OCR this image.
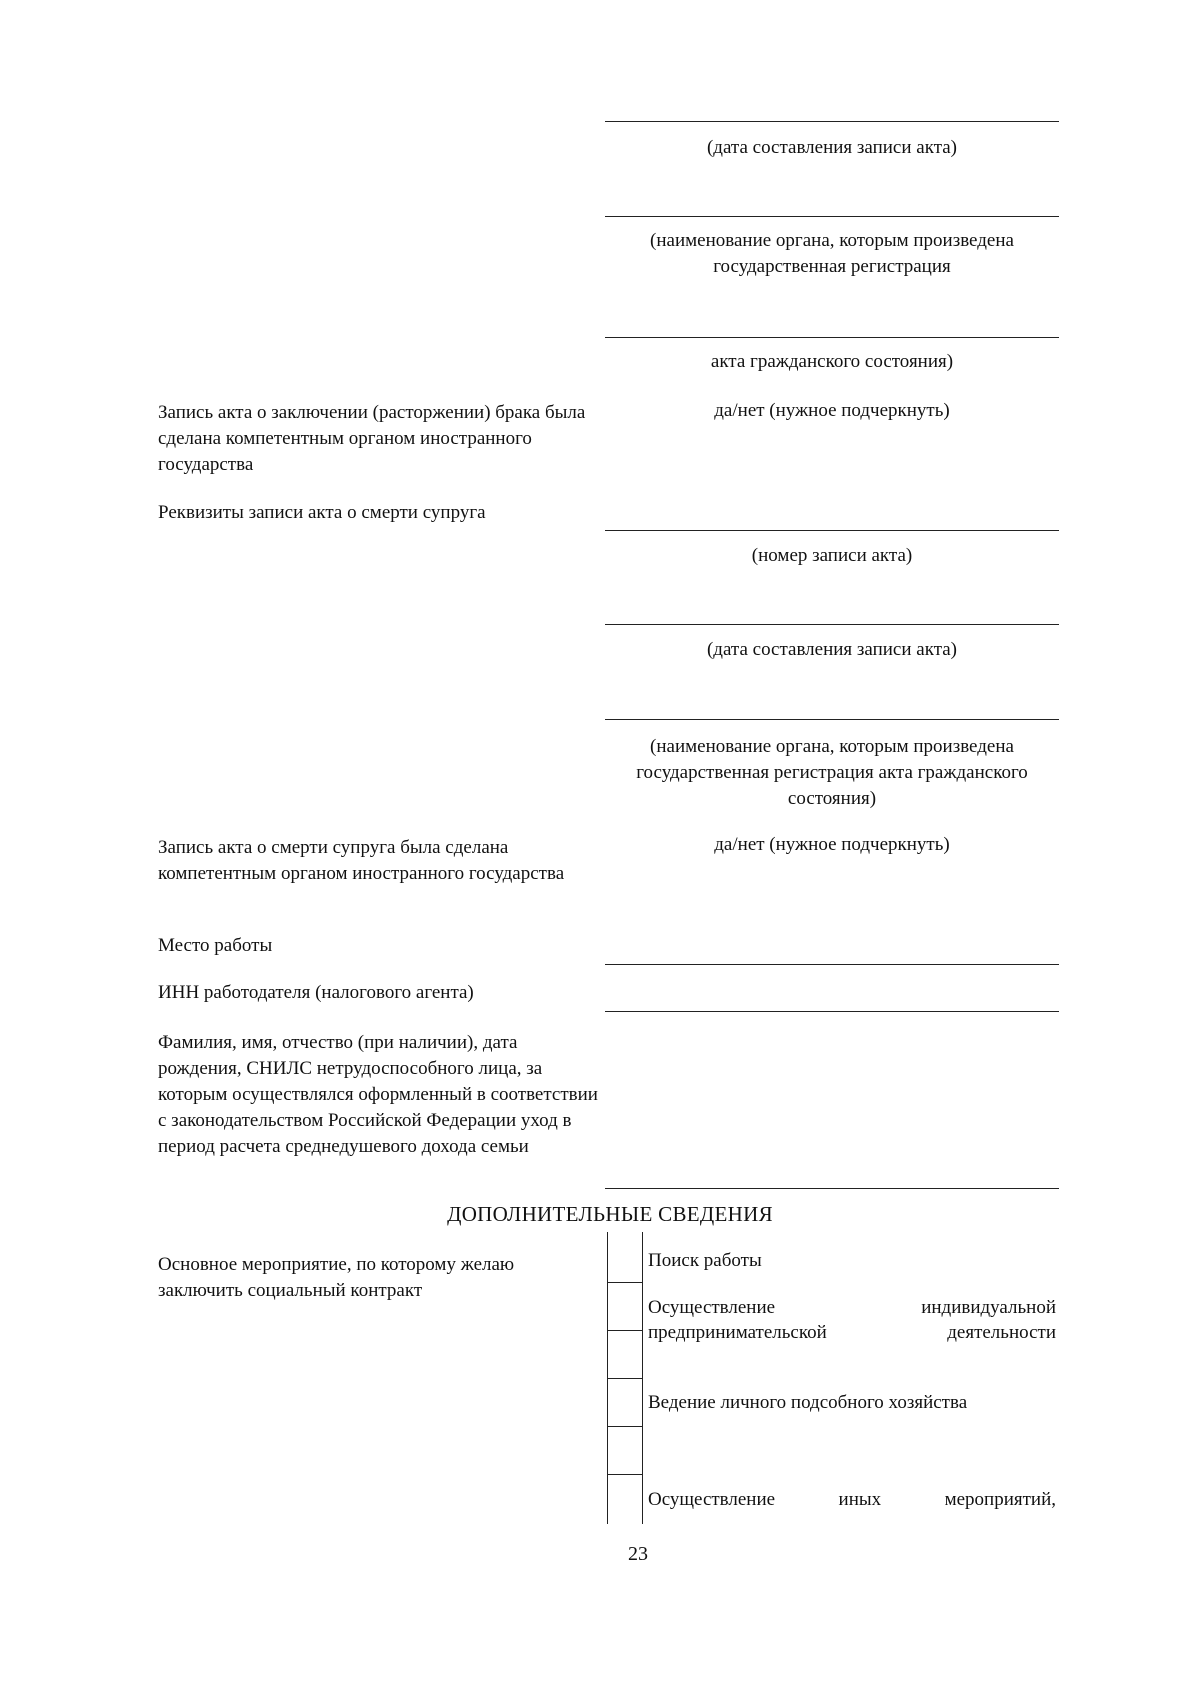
(дата составления записи акта)
(наименование органа, которым произведена государственная регистрация
акта гражданского состояния)
Запись акта о заключении (расторжении) брака была сделана компетентным органом иностранного государства
да/нет (нужное подчеркнуть)
Реквизиты записи акта о смерти супруга
(номер записи акта)
(дата составления записи акта)
(наименование органа, которым произведена государственная регистрация акта гражданского состояния)
Запись акта о смерти супруга была сделана компетентным органом иностранного государства
да/нет (нужное подчеркнуть)
Место работы
ИНН работодателя (налогового агента)
Фамилия, имя, отчество (при наличии), дата рождения, СНИЛС нетрудоспособного лица, за которым осуществлялся оформленный в соответствии с законодательством Российской Федерации уход в период расчета среднедушевого дохода семьи
ДОПОЛНИТЕЛЬНЫЕ СВЕДЕНИЯ
Основное мероприятие, по которому желаю заключить социальный контракт
Поиск работы
Осуществление индивидуальной предпринимательской деятельности
Ведение личного подсобного хозяйства
Осуществление иных мероприятий,
23
